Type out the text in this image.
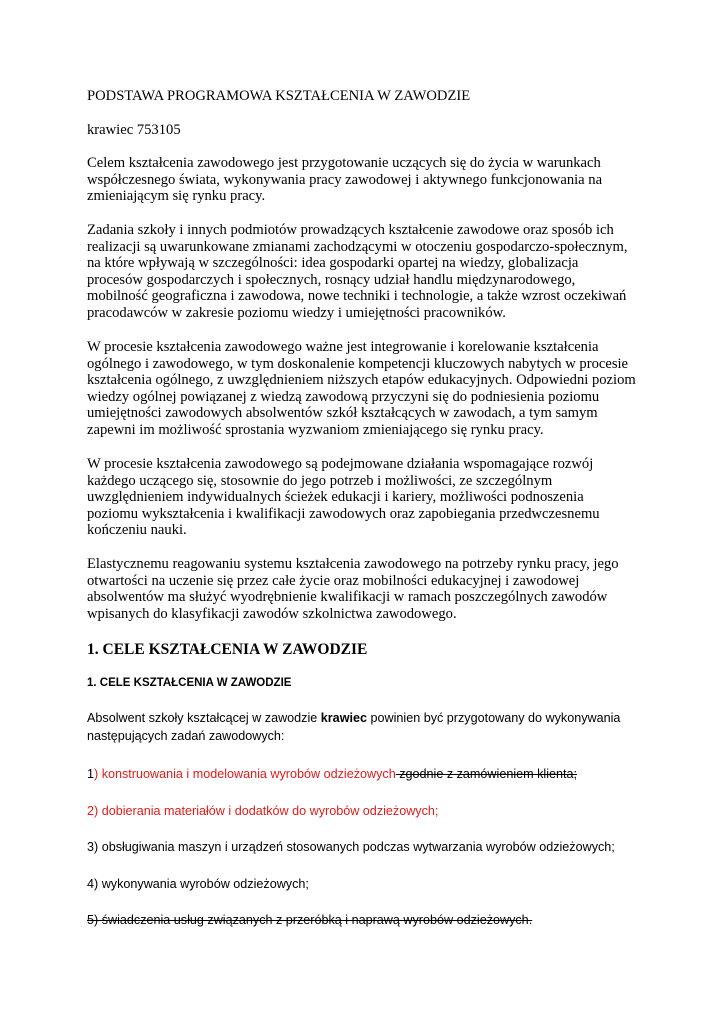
PODSTAWA PROGRAMOWA KSZTAŁCENIA W ZAWODZIE

krawiec 753105

Celem kształcenia zawodowego jest przygotowanie uczących się do życia w warunkach
współczesnego świata, wykonywania pracy zawodowej i aktywnego funkcjonowania na
zmieniającym się rynku pracy.

Zadania szkoły i innych podmiotów prowadzących kształcenie zawodowe oraz sposób ich
realizacji są uwarunkowane zmianami zachodzącymi w otoczeniu gospodarczo-społecznym,
na które wpływają w szczególności: idea gospodarki opartej na wiedzy, globalizacja
procesów gospodarczych i społecznych, rosnący udział handlu międzynarodowego,
mobilność geograficzna i zawodowa, nowe techniki i technologie, a także wzrost oczekiwań
pracodawców w zakresie poziomu wiedzy i umiejętności pracowników.

W procesie kształcenia zawodowego ważne jest integrowanie i korelowanie kształcenia
ogólnego i zawodowego, w tym doskonalenie kompetencji kluczowych nabytych w procesie
kształcenia ogólnego, z uwzględnieniem niższych etapów edukacyjnych. Odpowiedni poziom
wiedzy ogólnej powiązanej z wiedzą zawodową przyczyni się do podniesienia poziomu
umiejętności zawodowych absolwentów szkół kształcących w zawodach, a tym samym
zapewni im możliwość sprostania wyzwaniom zmieniającego się rynku pracy.

W procesie kształcenia zawodowego są podejmowane działania wspomagające rozwój
każdego uczącego się, stosownie do jego potrzeb i możliwości, ze szczególnym
uwzględnieniem indywidualnych ścieżek edukacji i kariery, możliwości podnoszenia
poziomu wykształcenia i kwalifikacji zawodowych oraz zapobiegania przedwczesnemu
kończeniu nauki.

Elastycznemu reagowaniu systemu kształcenia zawodowego na potrzeby rynku pracy, jego
otwartości na uczenie się przez całe życie oraz mobilności edukacyjnej i zawodowej
absolwentów ma służyć wyodrębnienie kwalifikacji w ramach poszczególnych zawodów
wpisanych do klasyfikacji zawodów szkolnictwa zawodowego.

1. CELE KSZTAŁCENIA W ZAWODZIE
1. CELE KSZTAŁCENIA W ZAWODZIE

Absolwent szkoły kształcącej w zawodzie krawiec powinien być przygotowany do wykonywania następujących zadań zawodowych:

1) konstruowania i modelowania wyrobów odzieżowych zgodnie z zamówieniem klienta;

2) dobierania materiałów i dodatków do wyrobów odzieżowych;

3) obsługiwania maszyn i urządzeń stosowanych podczas wytwarzania wyrobów odzieżowych;

4) wykonywania wyrobów odzieżowych;

5) świadczenia usług związanych z przeróbką i naprawą wyrobów odzieżowych.
